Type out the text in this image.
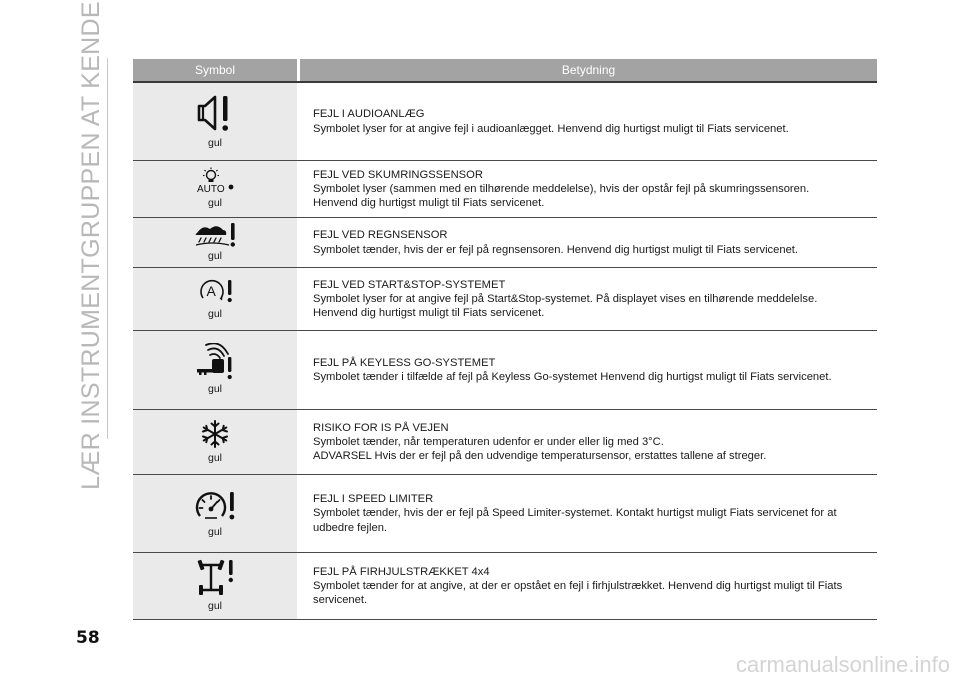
LÆR INSTRUMENTGRUPPEN AT KENDE	Symbol	Betydning
gul
FEJL I AUDIOANLÆG
Symbolet lyser for at angive fejl i audioanlægget. Henvend dig hurtigst muligt til Fiats servicenet.
AUTO
gul
FEJL VED SKUMRINGSSENSOR
Symbolet lyser (sammen med en tilhørende meddelelse), hvis der opstår fejl på skumringssensoren.
Henvend dig hurtigst muligt til Fiats servicenet.
gul
FEJL VED REGNSENSOR
Symbolet tænder, hvis der er fejl på regnsensoren. Henvend dig hurtigst muligt til Fiats servicenet.
A
gul
FEJL VED START&STOP-SYSTEMET
Symbolet lyser for at angive fejl på Start&Stop-systemet. På displayet vises en tilhørende meddelelse.
Henvend dig hurtigst muligt til Fiats servicenet.
gul
FEJL PÅ KEYLESS GO-SYSTEMET
Symbolet tænder i tilfælde af fejl på Keyless Go-systemet Henvend dig hurtigst muligt til Fiats servicenet.
gul
RISIKO FOR IS PÅ VEJEN
Symbolet tænder, når temperaturen udenfor er under eller lig med 3°C.
ADVARSEL Hvis der er fejl på den udvendige temperatursensor, erstattes tallene af streger.
gul
FEJL I SPEED LIMITER
Symbolet tænder, hvis der er fejl på Speed Limiter-systemet. Kontakt hurtigst muligt Fiats servicenet for at udbedre fejlen.
gul
FEJL PÅ FIRHJULSTRÆKKET 4x4
Symbolet tænder for at angive, at der er opstået en fejl i firhjulstrækket. Henvend dig hurtigst muligt til Fiats servicenet.
58
carmanualsonline.info
